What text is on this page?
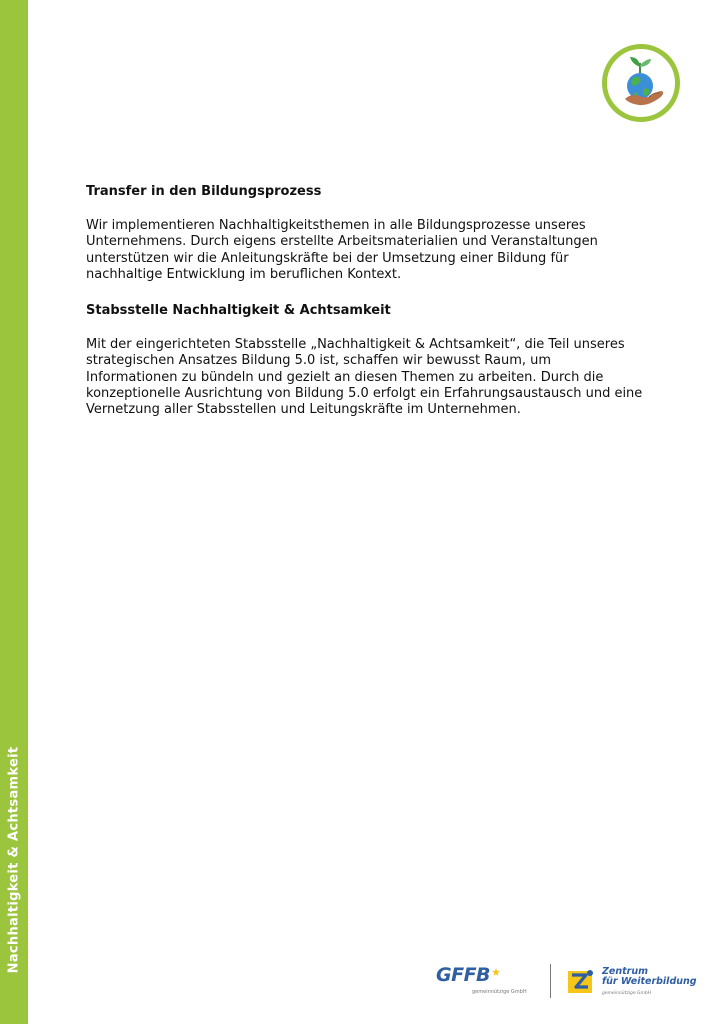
Nachhaltigkeit & Achtsamkeit
Transfer in den Bildungsprozess

Wir implementieren Nachhaltigkeitsthemen in alle Bildungsprozesse unseres Unternehmens. Durch eigens erstellte Arbeitsmaterialien und Veranstaltungen unterstützen wir die Anleitungskräfte bei der Umsetzung einer Bildung für nachhaltige Entwicklung im beruflichen Kontext.

Stabsstelle Nachhaltigkeit & Achtsamkeit

Mit der eingerichteten Stabsstelle „Nachhaltigkeit & Achtsamkeit“, die Teil unseres strategischen Ansatzes Bildung 5.0 ist, schaffen wir bewusst Raum, um Informationen zu bündeln und gezielt an diesen Themen zu arbeiten. Durch die konzeptionelle Ausrichtung von Bildung 5.0 erfolgt ein Erfahrungsaustausch und eine Vernetzung aller Stabsstellen und Leitungskräfte im Unternehmen.

GFFB
gemeinnützige GmbH
Zentrum
für Weiterbildung
gemeinnützige GmbH
